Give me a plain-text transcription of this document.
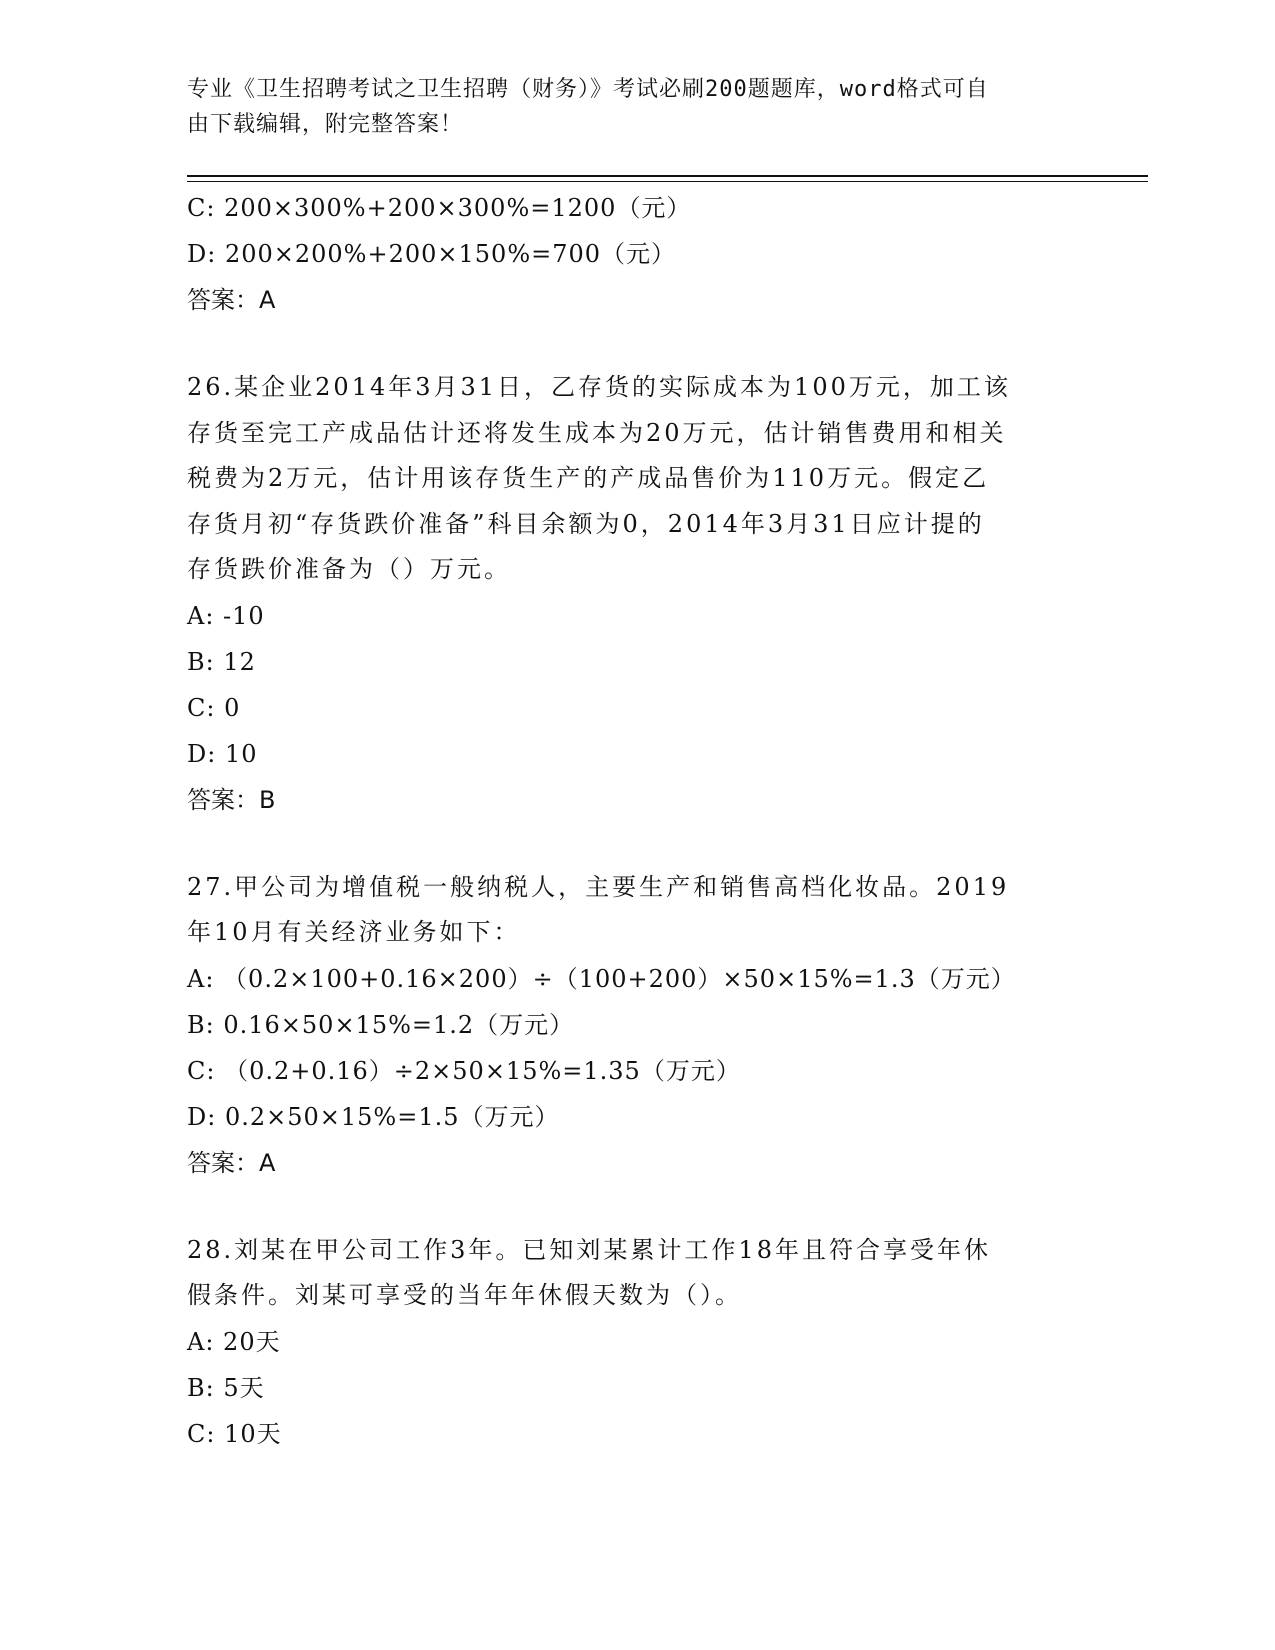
专业《卫生招聘考试之卫生招聘（财务）》考试必刷200题题库，word格式可自
由下载编辑，附完整答案！
C: 200×300%+200×300%=1200（元）
D: 200×200%+200×150%=700（元）
答案：A
26.某企业2014年3月31日，乙存货的实际成本为100万元，加工该
存货至完工产成品估计还将发生成本为20万元，估计销售费用和相关
税费为2万元，估计用该存货生产的产成品售价为110万元。假定乙
存货月初“存货跌价准备”科目余额为0，2014年3月31日应计提的
存货跌价准备为（）万元。
A: -10
B: 12
C: 0
D: 10
答案：B
27.甲公司为增值税一般纳税人，主要生产和销售高档化妆品。2019
年10月有关经济业务如下：
A: （0.2×100+0.16×200）÷（100+200）×50×15%=1.3（万元）
B: 0.16×50×15%=1.2（万元）
C: （0.2+0.16）÷2×50×15%=1.35（万元）
D: 0.2×50×15%=1.5（万元）
答案：A
28.刘某在甲公司工作3年。已知刘某累计工作18年且符合享受年休
假条件。刘某可享受的当年年休假天数为（）。
A: 20天
B: 5天
C: 10天
